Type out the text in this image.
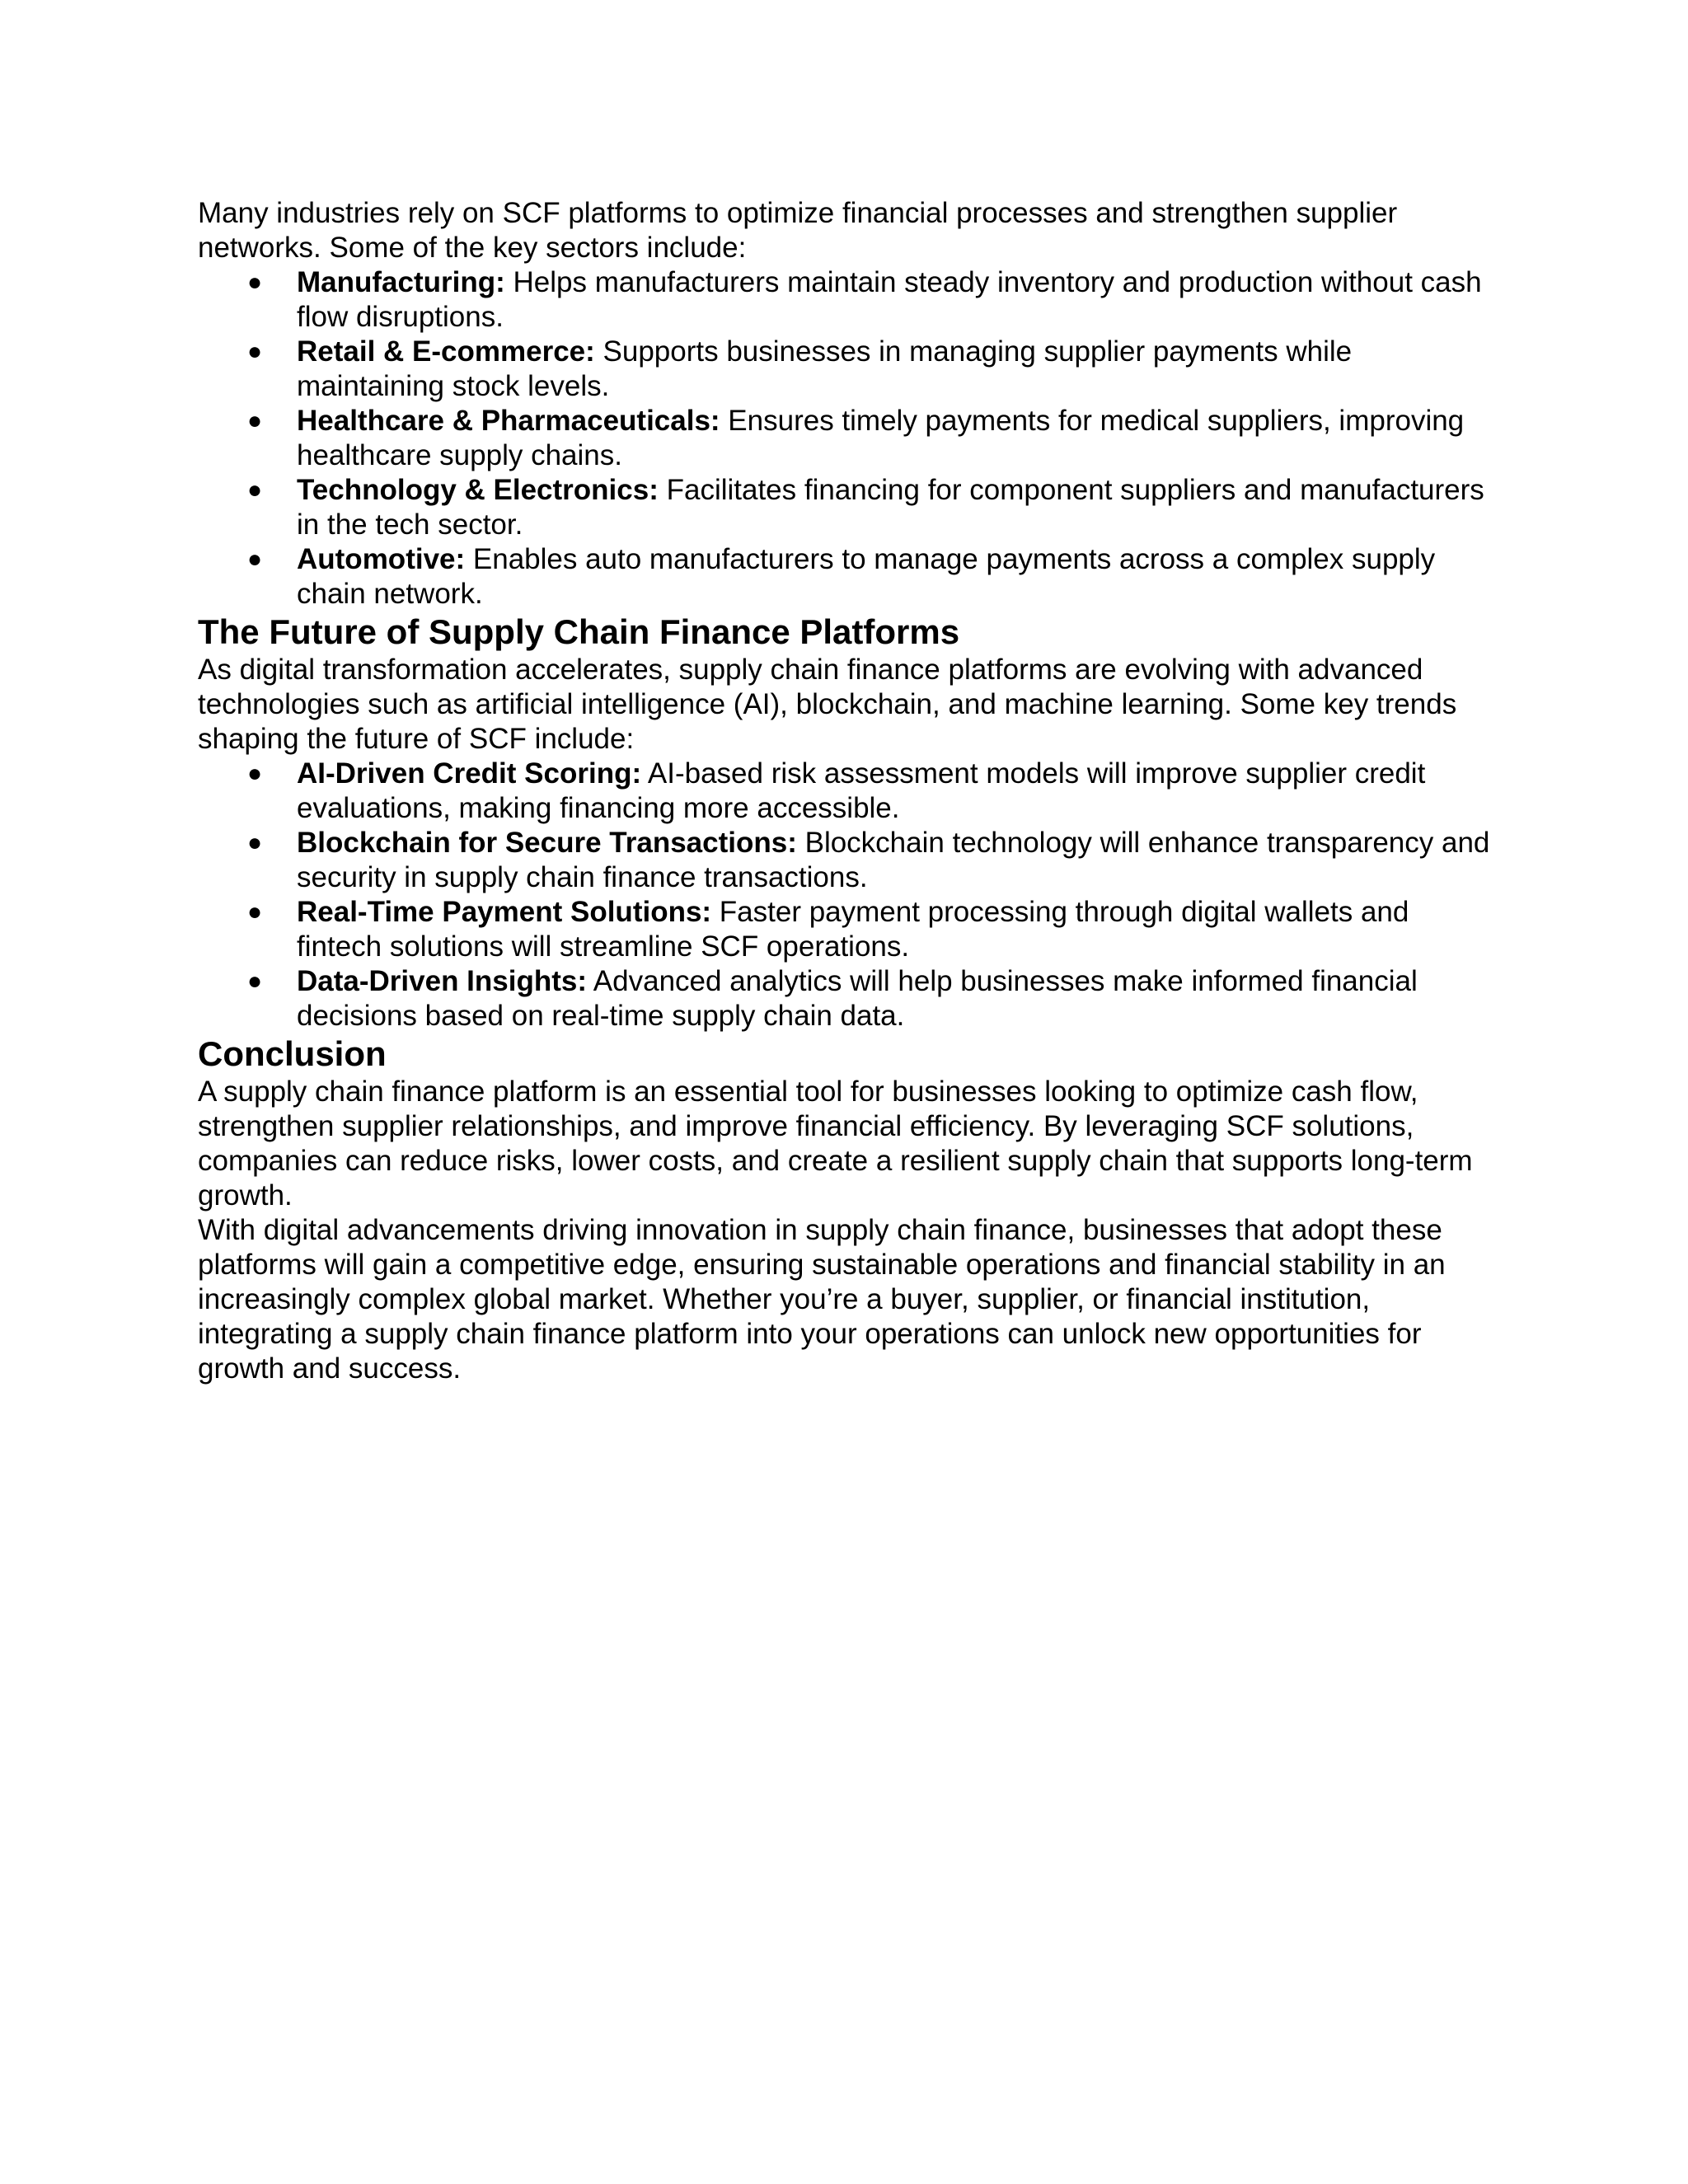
Many industries rely on SCF platforms to optimize financial processes and strengthen supplier networks. Some of the key sectors include:

● Manufacturing: Helps manufacturers maintain steady inventory and production without cash flow disruptions.
● Retail & E-commerce: Supports businesses in managing supplier payments while maintaining stock levels.
● Healthcare & Pharmaceuticals: Ensures timely payments for medical suppliers, improving healthcare supply chains.
● Technology & Electronics: Facilitates financing for component suppliers and manufacturers in the tech sector.
● Automotive: Enables auto manufacturers to manage payments across a complex supply chain network.
The Future of Supply Chain Finance Platforms

As digital transformation accelerates, supply chain finance platforms are evolving with advanced technologies such as artificial intelligence (AI), blockchain, and machine learning. Some key trends shaping the future of SCF include:

● AI-Driven Credit Scoring: AI-based risk assessment models will improve supplier credit evaluations, making financing more accessible.
● Blockchain for Secure Transactions: Blockchain technology will enhance transparency and security in supply chain finance transactions.
● Real-Time Payment Solutions: Faster payment processing through digital wallets and fintech solutions will streamline SCF operations.
● Data-Driven Insights: Advanced analytics will help businesses make informed financial decisions based on real-time supply chain data.
Conclusion

A supply chain finance platform is an essential tool for businesses looking to optimize cash flow, strengthen supplier relationships, and improve financial efficiency. By leveraging SCF solutions, companies can reduce risks, lower costs, and create a resilient supply chain that supports long-term growth.

With digital advancements driving innovation in supply chain finance, businesses that adopt these platforms will gain a competitive edge, ensuring sustainable operations and financial stability in an increasingly complex global market. Whether you’re a buyer, supplier, or financial institution, integrating a supply chain finance platform into your operations can unlock new opportunities for growth and success.
